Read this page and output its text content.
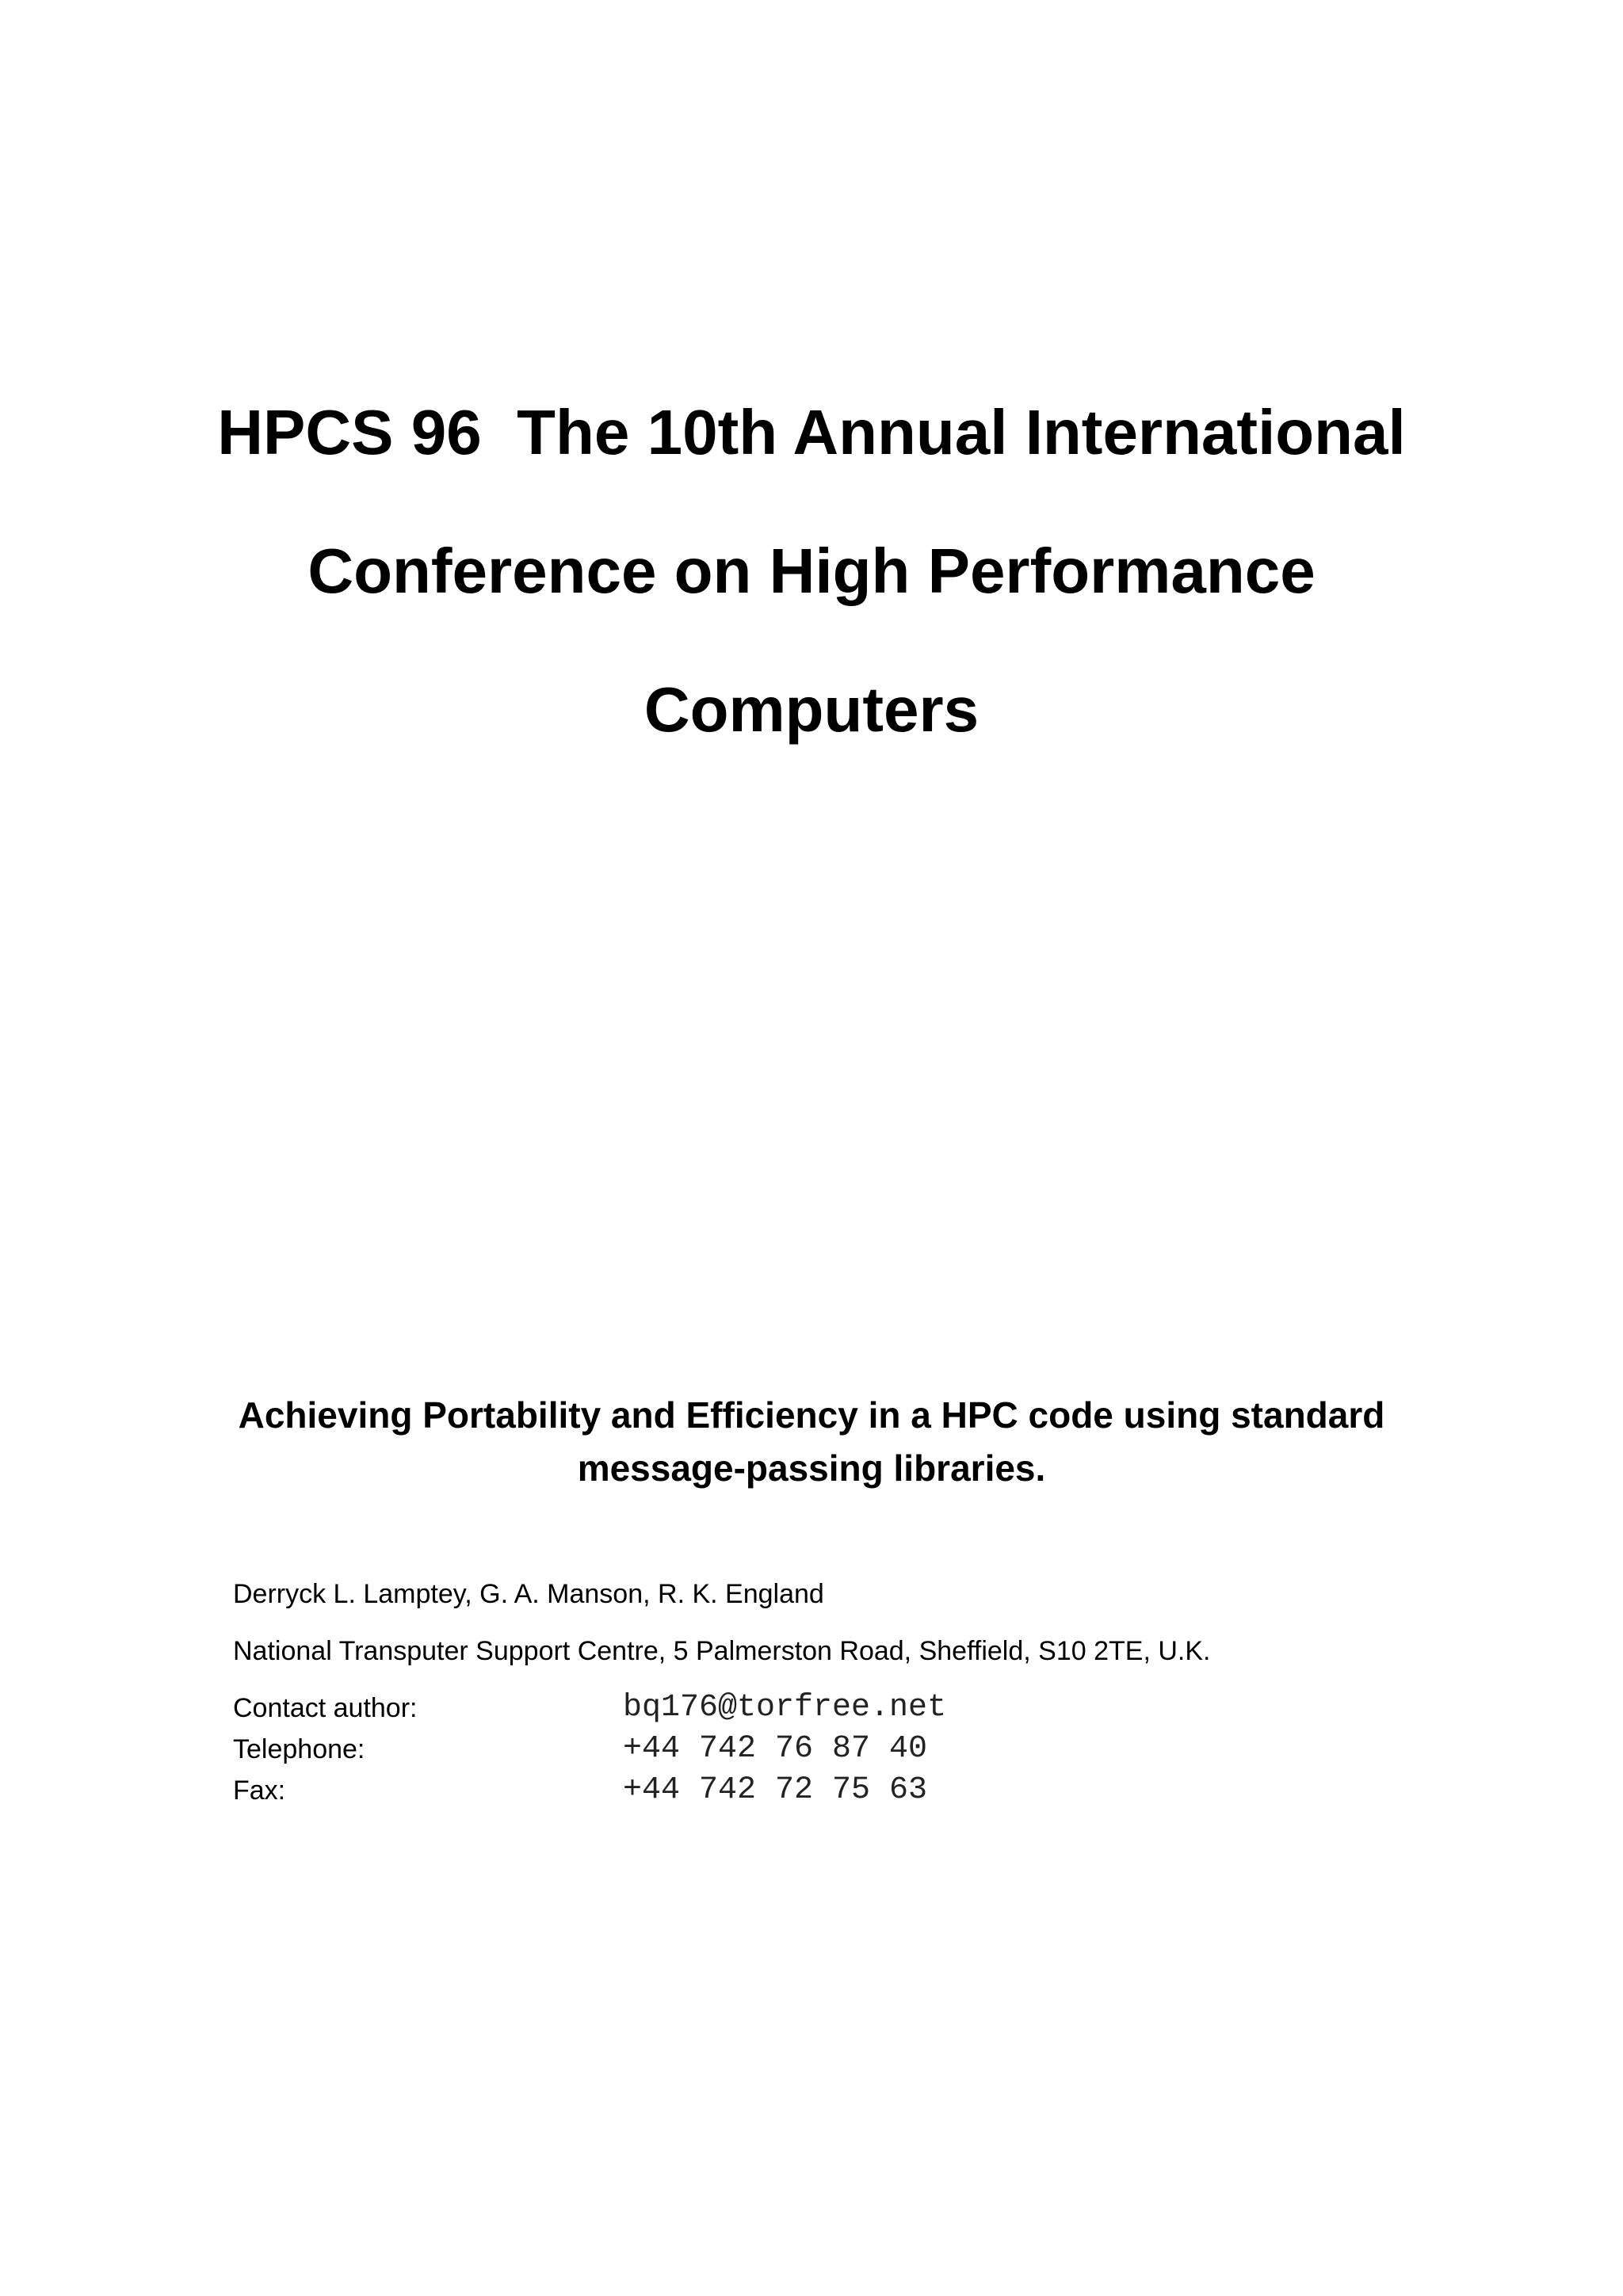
HPCS 96  The 10th Annual International
Conference on High Performance
Computers
Achieving Portability and Efficiency in a HPC code using standard
message-passing libraries.
Derryck L. Lamptey, G. A. Manson, R. K. England
National Transputer Support Centre, 5 Palmerston Road, Sheffield, S10 2TE, U.K.
Contact author:	bq176@torfree.net
Telephone:	+44 742 76 87 40
Fax:	+44 742 72 75 63
